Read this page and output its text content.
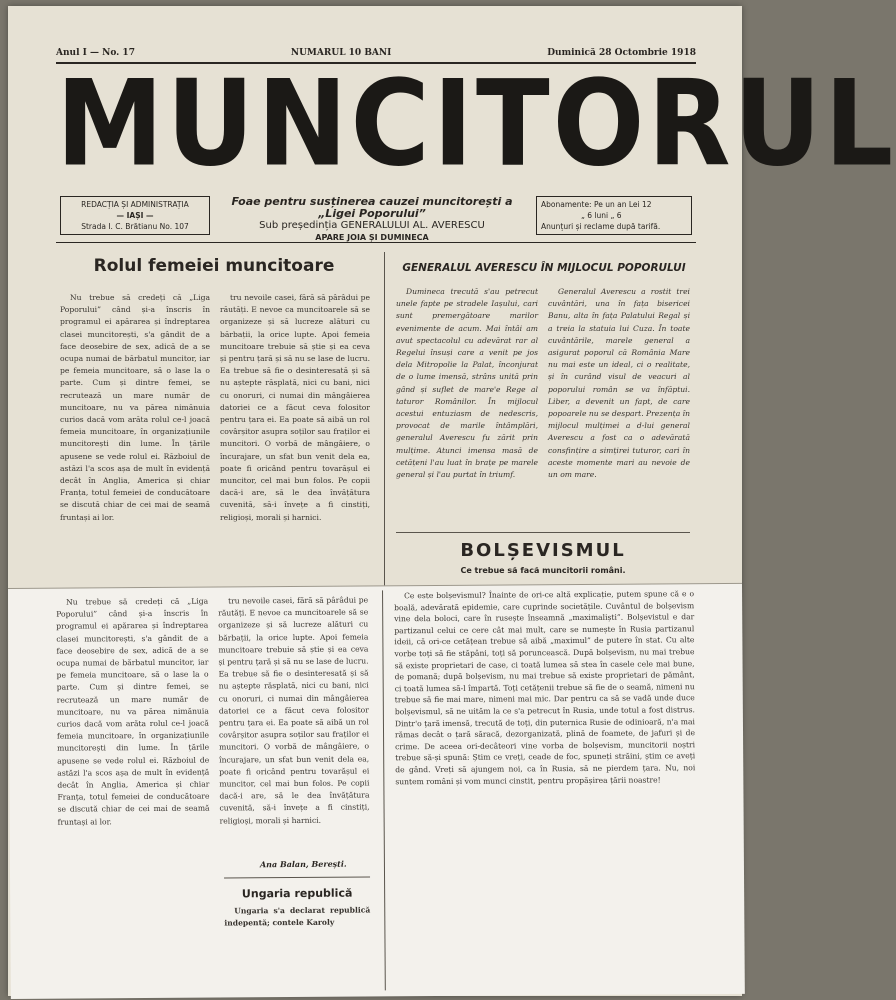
Anul I — No. 17	NUMARUL 10 BANI	Duminică 28 Octombrie 1918
MUNCITORUL
REDACȚIA ȘI ADMINISTRAȚIA
— IAȘI —
Strada I. C. Brătianu No. 107
Foae pentru susținerea cauzei muncitorești a „Ligei Poporului”
Sub președinția GENERALULUI AL. AVERESCU
APARE JOIA ȘI DUMINECA
Abonamente: Pe un an Lei 12
„ 6 luni „ 6
Anunțuri și reclame după tarifă.
Rolul femeiei muncitoare

Nu trebue să credeți că „Liga Poporului” când și-a înscris în programul ei apărarea și îndreptarea clasei muncitorești, s'a gândit de a face deosebire de sex, adică de a se ocupa numai de bărbatul muncitor, iar pe femeia muncitoare, să o lase la o parte. Cum și dintre femei, se recrutează un mare număr de muncitoare, nu va părea nimănuia curios dacă vom arăta rolul ce-l joacă femeia muncitoare, în organizațiunile muncitorești din lume. În țările apusene se vede rolul ei. Războiul de astăzi l'a scos așa de mult în evidență decât în Anglia, America și chiar Franța, totul femeiei de conducătoare se discută chiar de cei mai de seamă fruntași ai lor.

tru nevoile casei, fără să pârâdui pe răutăți. E nevoe ca muncitoarele să se organizeze și să lucreze alături cu bărbații, la orice lupte. Apoi femeia muncitoare trebuie să știe și ea ceva și pentru țară și să nu se lase de lucru. Ea trebue să fie o desinteresată și să nu aștepte răsplată, nici cu bani, nici cu onoruri, ci numai din mângâierea datoriei ce a făcut ceva folositor pentru țara ei. Ea poate să aibă un rol covârșitor asupra soților sau fraților ei muncitori. O vorbă de mângâiere, o încurajare, un sfat bun venit dela ea, poate fi oricând pentru tovarășul ei muncitor, cel mai bun folos. Pe copii dacă-i are, să le dea învățătura cuvenită, să-i învețe a fi cinstiți, religioși, morali și harnici.

GENERALUL AVERESCU ÎN MIJLOCUL POPORULUI

Dumineca trecută s'au petrecut unele fapte pe stradele Iașului, cari sunt premergătoare marilor evenimente de acum. Mai întâi am avut spectacolul cu adevărat rar al Regelui însuși care a venit pe jos dela Mitropolie la Palat, înconjurat de o lume imensă, strâns unită prin gând și suflet de mare'e Rege al taturor Românilor. În mijlocul acestui entuziasm de nedescris, provocat de marile întâmplări, generalul Averescu fu zărit prin mulțime. Atunci imensa masă de cetățeni l'au luat în brațe pe marele general și l'au purtat în triumf.

Generalul Averescu a rostit trei cuvântări, una în fața bisericei Banu, alta în fața Palatului Regal și a treia la statuia lui Cuza. În toate cuvântările, marele general a asigurat poporul că România Mare nu mai este un ideal, ci o realitate, și în curând visul de veacuri al poporului român se va înfăptui. Liber, a devenit un fapt, de care popoarele nu se despart. Prezența în mijlocul mulțimei a d-lui general Averescu a fost ca o adevărată consfințire a simțirei tuturor, cari în aceste momente mari au nevoie de un om mare.

BOLȘEVISMUL
Ce trebue să facă muncitorii români.

Nu trebue să credeți că „Liga Poporului” când și-a înscris în programul ei apărarea și îndreptarea clasei muncitorești, s'a gândit de a face deosebire de sex, adică de a se ocupa numai de bărbatul muncitor, iar pe femeia muncitoare, să o lase la o parte. Cum și dintre femei, se recrutează un mare număr de muncitoare, nu va părea nimănuia curios dacă vom arăta rolul ce-l joacă femeia muncitoare, în organizațiunile muncitorești din lume. În țările apusene se vede rolul ei. Războiul de astăzi l'a scos așa de mult în evidență decât în Anglia, America și chiar Franța, totul femeiei de conducătoare se discută chiar de cei mai de seamă fruntași ai lor.

tru nevoile casei, fără să pârâdui pe răutăți. E nevoe ca muncitoarele să se organizeze și să lucreze alături cu bărbații, la orice lupte. Apoi femeia muncitoare trebuie să știe și ea ceva și pentru țară și să nu se lase de lucru. Ea trebue să fie o desinteresată și să nu aștepte răsplată, nici cu bani, nici cu onoruri, ci numai din mângâierea datoriei ce a făcut ceva folositor pentru țara ei. Ea poate să aibă un rol covârșitor asupra soților sau fraților ei muncitori. O vorbă de mângâiere, o încurajare, un sfat bun venit dela ea, poate fi oricând pentru tovarășul ei muncitor, cel mai bun folos. Pe copii dacă-i are, să le dea învățătura cuvenită, să-i învețe a fi cinstiți, religioși, morali și harnici.

Ana Balan, Berești.
Ungaria republică

Ungaria s'a declarat republică indepentă; contele Karoly

Ce este bolșevismul? Înainte de ori-ce altă explicație, putem spune că e o boală, adevărată epidemie, care cuprinde societățile. Cuvântul de bolșevism vine dela boloci, care în rusește înseamnă „maximaliști”. Bolșevistul e dar partizanul celui ce cere cât mai mult, care se numește în Rusia partizanul ideii, că ori-ce cetățean trebue să aibă „maximul” de putere în stat. Cu alte vorbe toți să fie stăpâni, toți să poruncească. După bolșevism, nu mai trebue să existe proprietari de case, ci toată lumea să stea în casele cele mai bune, de pomană; după bolșevism, nu mai trebue să existe proprietari de pământ, ci toată lumea să-l împartă. Toți cetățenii trebue să fie de o seamă, nimeni nu trebue să fie mai mare, nimeni mai mic. Dar pentru ca să se vadă unde duce bolșevismul, să ne uităm la ce s'a petrecut în Rusia, unde totul a fost distrus. Dintr'o țară imensă, trecută de toți, din puternica Rusie de odinioară, n'a mai rămas decât o țară săracă, dezorganizată, plină de foamete, de jafuri și de crime. De aceea ori-decâteori vine vorba de bolșevism, muncitorii noștri trebue să-și spună: Știm ce vreți, ceade de foc, spuneți străini, știm ce aveți de gând. Vreți să ajungem noi, ca în Rusia, să ne pierdem țara. Nu, noi suntem români și vom munci cinstit, pentru propășirea țării noastre!
